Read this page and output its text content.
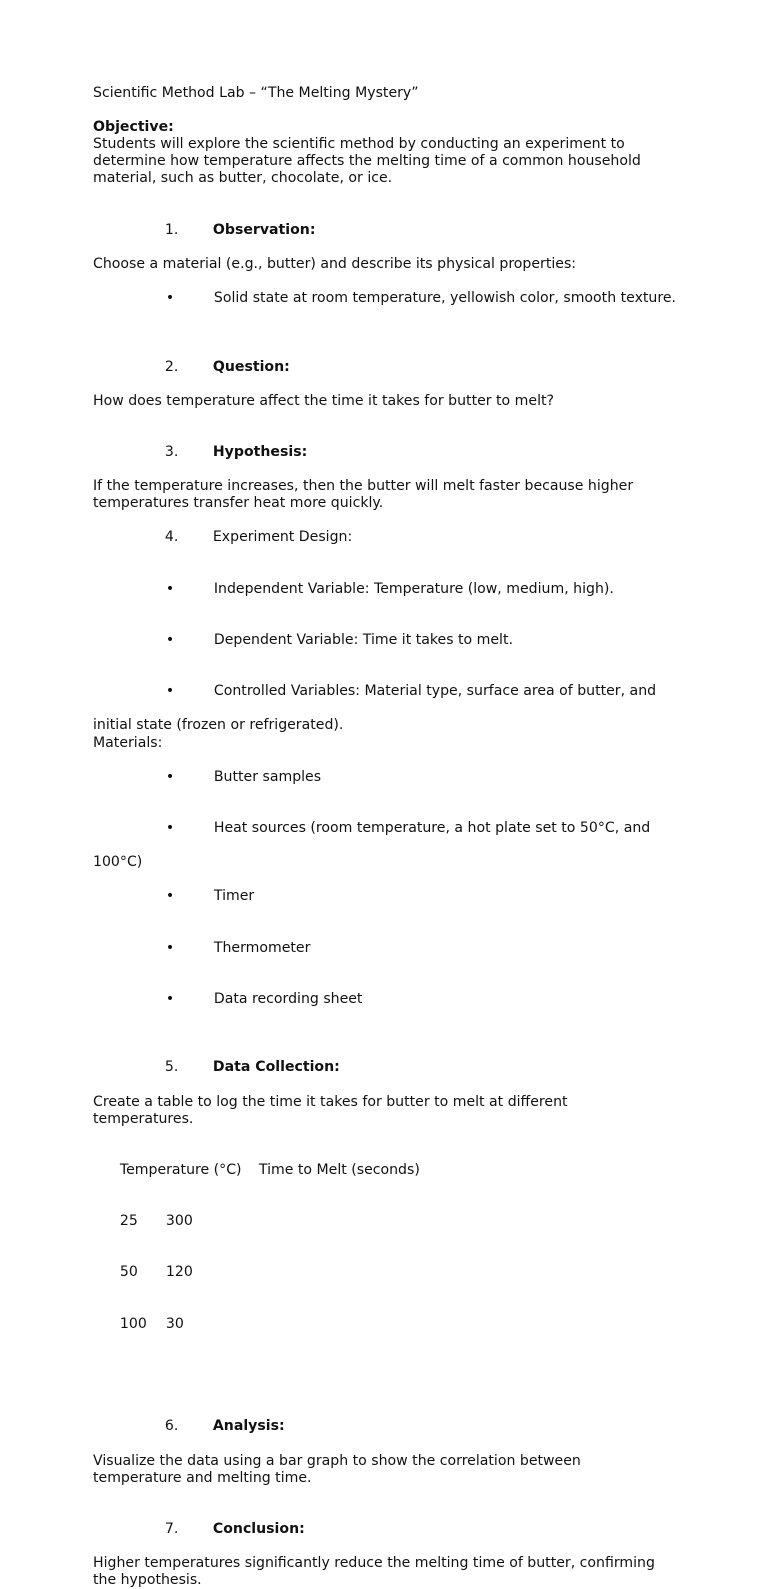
Scientific Method Lab – “The Melting Mystery”
Objective:
Students will explore the scientific method by conducting an experiment to
determine how temperature affects the melting time of a common household
material, such as butter, chocolate, or ice.

1. Observation:

Choose a material (e.g., butter) and describe its physical properties:

•	Solid state at room temperature, yellowish color, smooth texture.

2. Question:

How does temperature affect the time it takes for butter to melt?

3. Hypothesis:

If the temperature increases, then the butter will melt faster because higher
temperatures transfer heat more quickly.

4. Experiment Design:

•	Independent Variable: Temperature (low, medium, high).

•	Dependent Variable: Time it takes to melt.

•	Controlled Variables: Material type, surface area of butter, and

initial state (frozen or refrigerated).
Materials:

•	Butter samples

•	Heat sources (room temperature, a hot plate set to 50°C, and

100°C)

•	Timer

•	Thermometer

•	Data recording sheet

5. Data Collection:

Create a table to log the time it takes for butter to melt at different
temperatures.

Temperature (°C) Time to Melt (seconds)

25 300

50 120

100 30

6. Analysis:

Visualize the data using a bar graph to show the correlation between
temperature and melting time.

7. Conclusion:

Higher temperatures significantly reduce the melting time of butter, confirming
the hypothesis.
